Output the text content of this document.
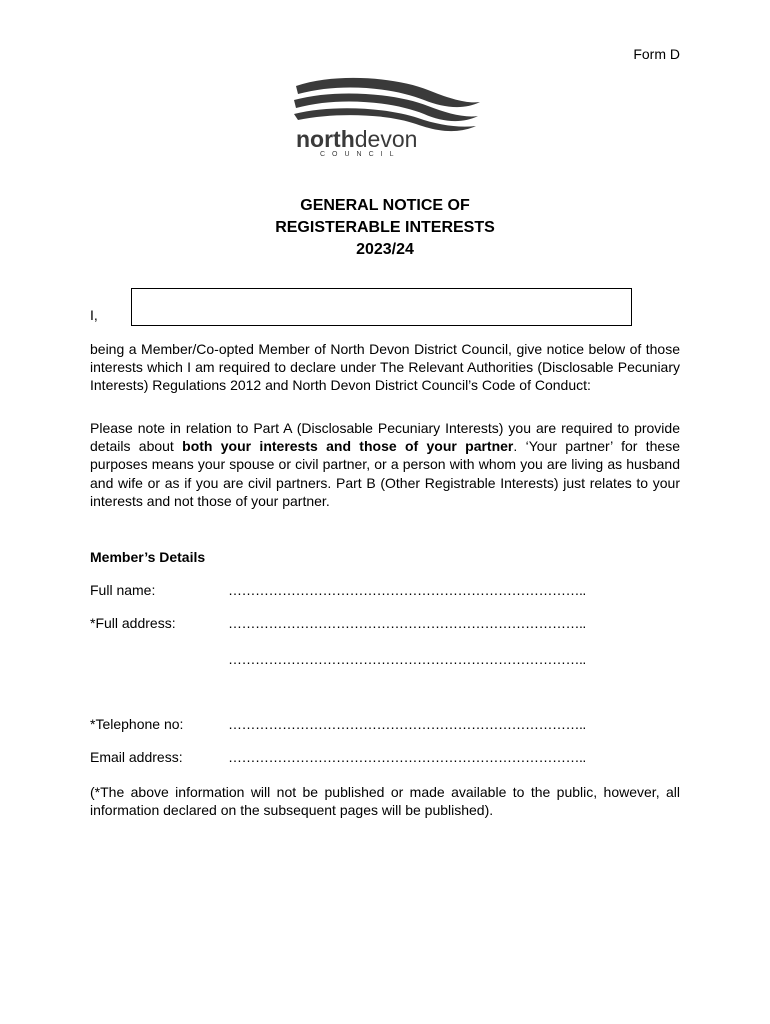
Form D
northdevon
COUNCIL
GENERAL NOTICE OF
REGISTERABLE INTERESTS
2023/24
I,
being a Member/Co-opted Member of North Devon District Council, give notice below of those interests which I am required to declare under The Relevant Authorities (Disclosable Pecuniary Interests) Regulations 2012 and North Devon District Council’s Code of Conduct:
Please note in relation to Part A (Disclosable Pecuniary Interests) you are required to provide details about both your interests and those of your partner. ‘Your partner’ for these purposes means your spouse or civil partner, or a person with whom you are living as husband and wife or as if you are civil partners. Part B (Other Registrable Interests) just relates to your interests and not those of your partner.
Member’s Details
Full name:	……………………………………………………………………..
*Full address:	……………………………………………………………………..
……………………………………………………………………..
*Telephone no:	……………………………………………………………………..
Email address:	……………………………………………………………………..
(*The above information will not be published or made available to the public, however, all information declared on the subsequent pages will be published).
